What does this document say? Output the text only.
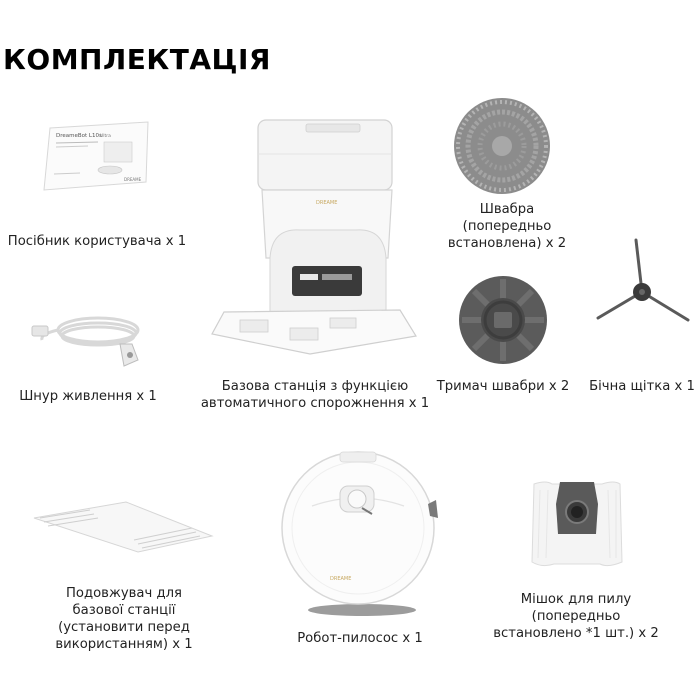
КОМПЛЕКТАЦІЯ
DreameBot L10s
Ultra
DREAME
Посібник користувача x 1
DREAME
Базова станція з функцією
автоматичного спорожнення x 1
Швабра
(попередньо
встановлена) x 2
Шнур живлення x 1
Тримач швабри x 2	Бічна щітка x 1
Подовжувач для
базової станції
(установити перед
використанням) x 1
DREAME
Робот-пилосос x 1
Мішок для пилу
(попередньо
встановлено *1 шт.) x 2
